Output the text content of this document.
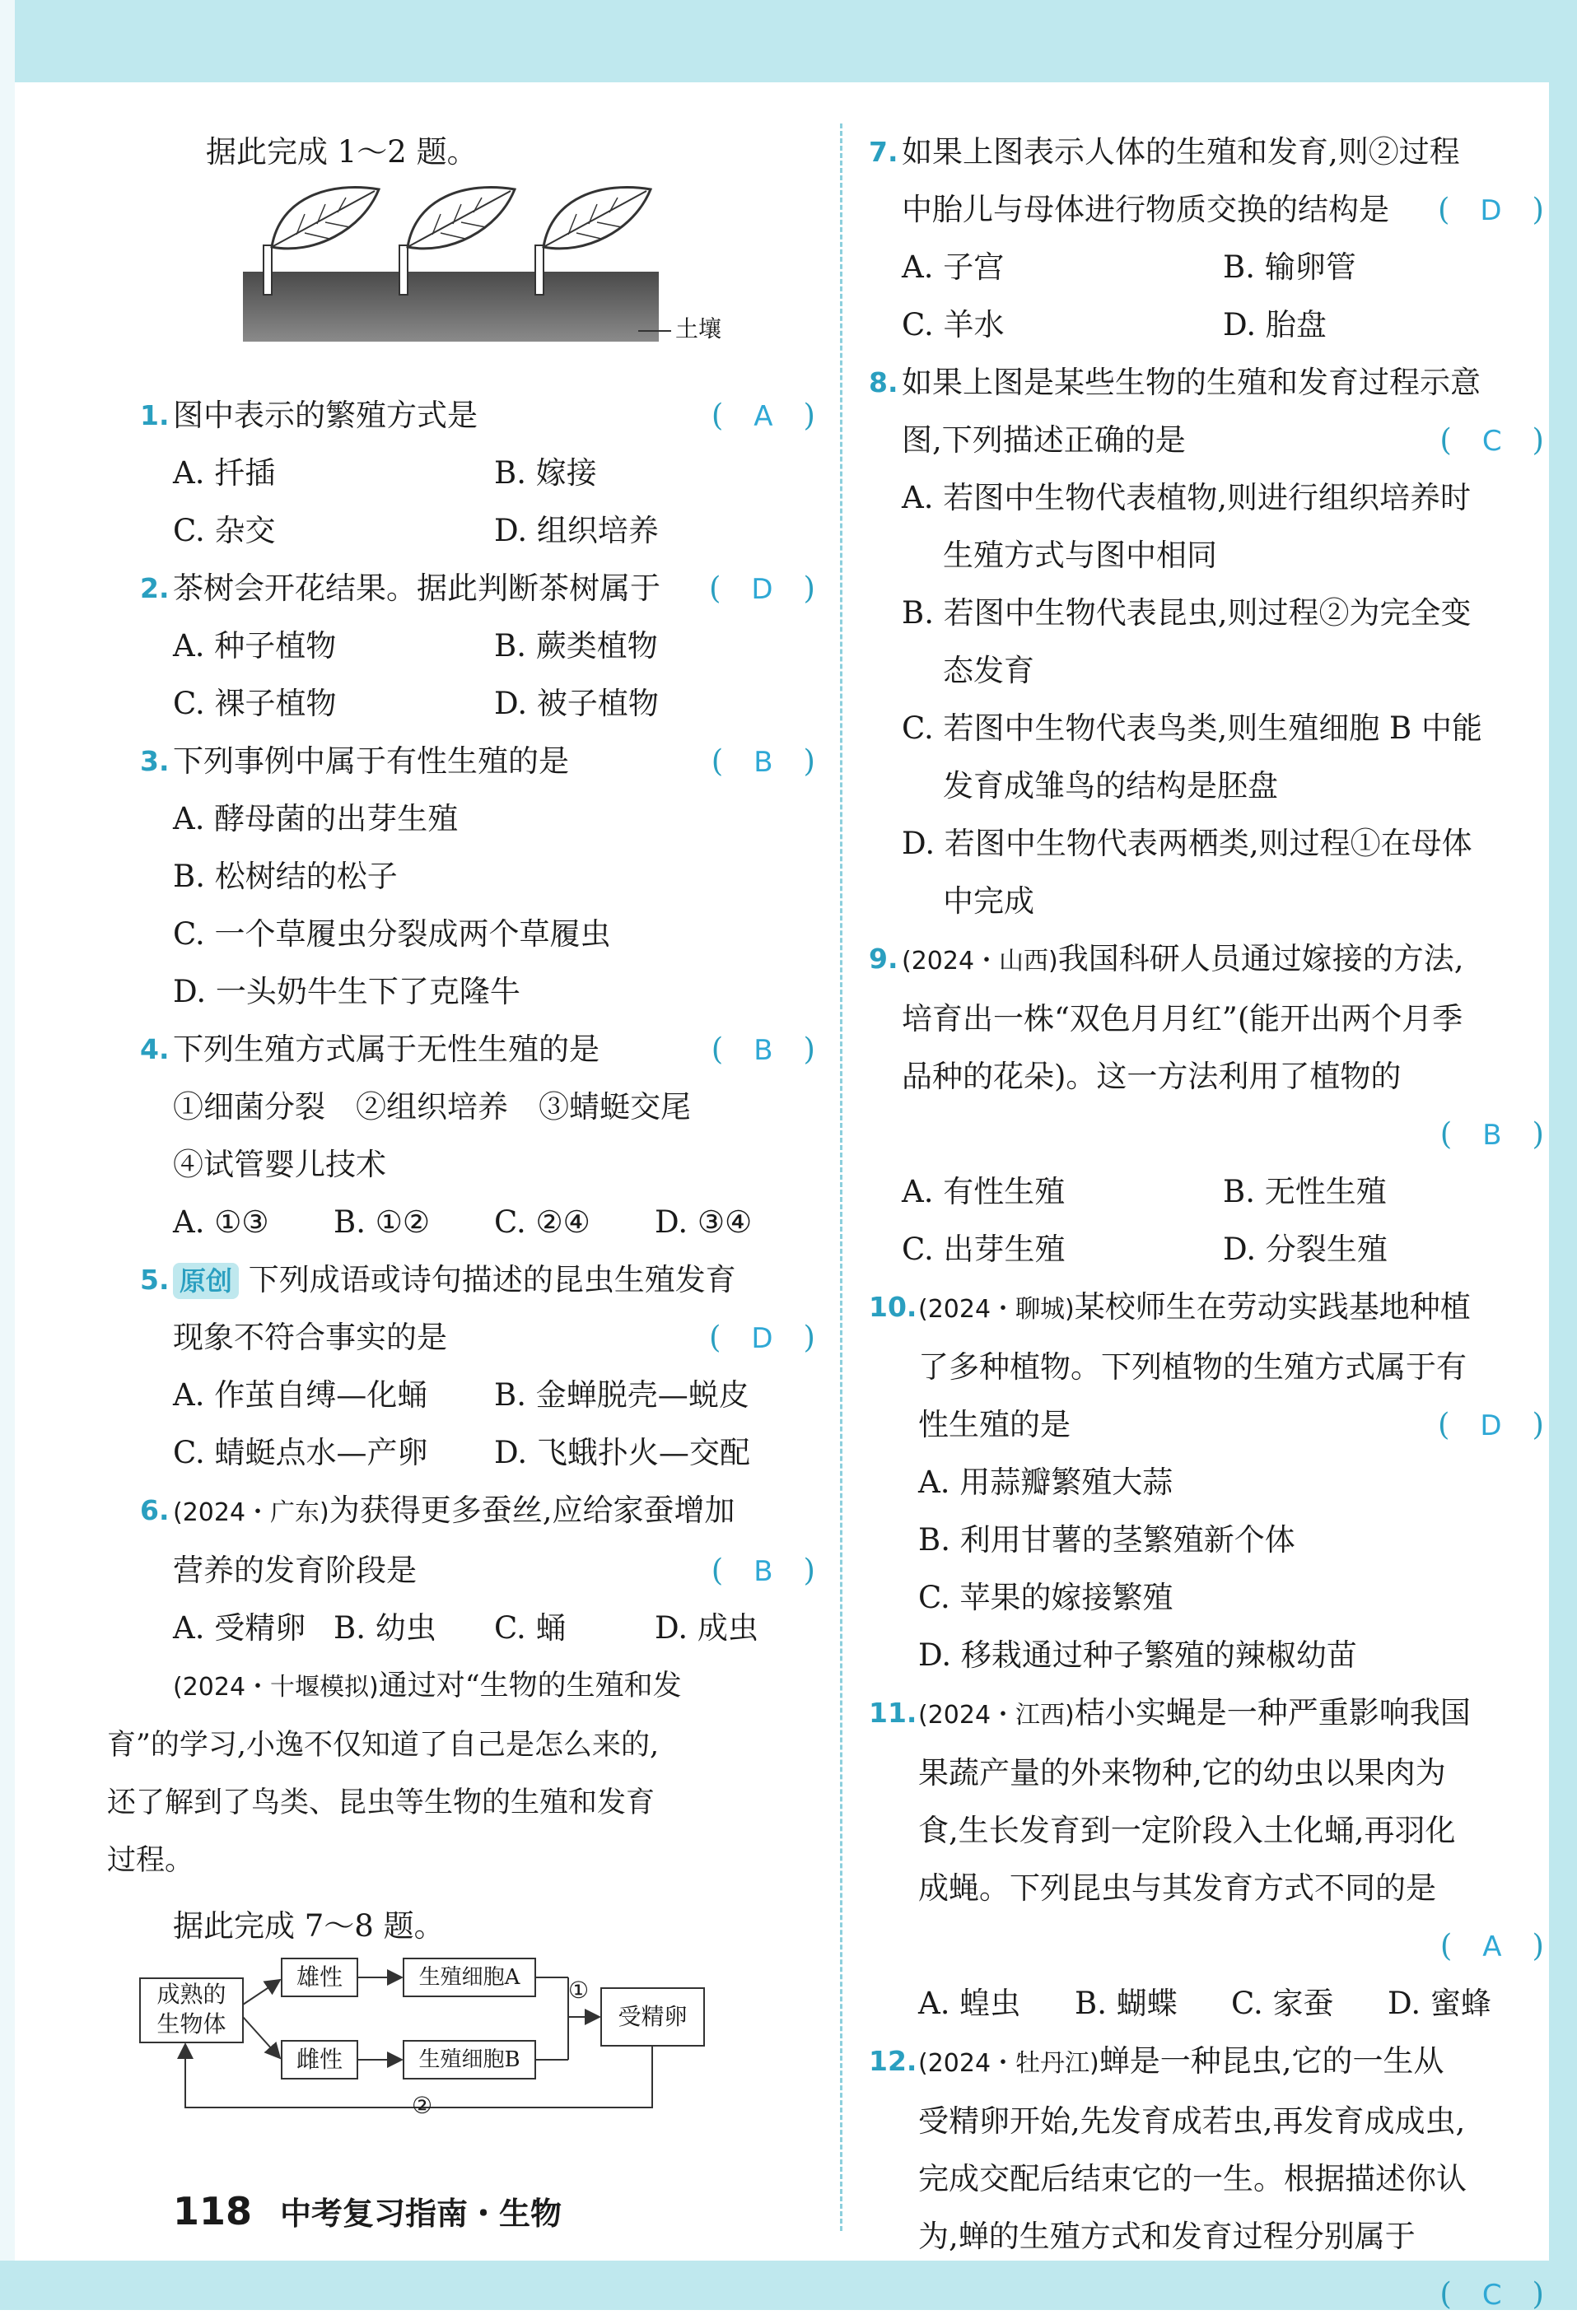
据此完成 1～2 题。
土壤
1. 图中表示的繁殖方式是	(　A　)
A. 扦插	B. 嫁接
C. 杂交	D. 组织培养
2. 茶树会开花结果。据此判断茶树属于 (　D　)
A. 种子植物	B. 蕨类植物
C. 裸子植物	D. 被子植物
3. 下列事例中属于有性生殖的是	(　B　)
A. 酵母菌的出芽生殖
B. 松树结的松子
C. 一个草履虫分裂成两个草履虫
D. 一头奶牛生下了克隆牛
4. 下列生殖方式属于无性生殖的是	(　B　)
①细菌分裂　②组织培养　③蜻蜓交尾
④试管婴儿技术
A. ①③	B. ①②	C. ②④	D. ③④
5. 原创 下列成语或诗句描述的昆虫生殖发育
现象不符合事实的是	(　D　)
A. 作茧自缚—化蛹	B. 金蝉脱壳—蜕皮
C. 蜻蜓点水—产卵	D. 飞蛾扑火—交配
6. (2024・广东)为获得更多蚕丝,应给家蚕增加
营养的发育阶段是	(　B　)
A. 受精卵 B. 幼虫	C. 蛹	D. 成虫
(2024・十堰模拟)通过对“生物的生殖和发
育”的学习,小逸不仅知道了自己是怎么来的,
还了解到了鸟类、昆虫等生物的生殖和发育
过程。
据此完成 7～8 题。
成熟的
生物体
雄性
雌性
生殖细胞A
生殖细胞B
受精卵
①
②
7. 如果上图表示人体的生殖和发育,则②过程
中胎儿与母体进行物质交换的结构是 (　D　)
A. 子宫	B. 输卵管
C. 羊水	D. 胎盘
8. 如果上图是某些生物的生殖和发育过程示意
图,下列描述正确的是	(　C　)
A. 若图中生物代表植物,则进行组织培养时
生殖方式与图中相同
B. 若图中生物代表昆虫,则过程②为完全变
态发育
C. 若图中生物代表鸟类,则生殖细胞 B 中能
发育成雏鸟的结构是胚盘
D. 若图中生物代表两栖类,则过程①在母体
中完成
9. (2024・山西)我国科研人员通过嫁接的方法,
培育出一株“双色月月红”(能开出两个月季
品种的花朵)。这一方法利用了植物的
(　B　)
A. 有性生殖	B. 无性生殖
C. 出芽生殖	D. 分裂生殖
10. (2024・聊城)某校师生在劳动实践基地种植
了多种植物。下列植物的生殖方式属于有
性生殖的是	(　D　)
A. 用蒜瓣繁殖大蒜
B. 利用甘薯的茎繁殖新个体
C. 苹果的嫁接繁殖
D. 移栽通过种子繁殖的辣椒幼苗
11. (2024・江西)桔小实蝇是一种严重影响我国
果蔬产量的外来物种,它的幼虫以果肉为
食,生长发育到一定阶段入土化蛹,再羽化
成蝇。下列昆虫与其发育方式不同的是
(　A　)
A. 蝗虫	B. 蝴蝶	C. 家蚕	D. 蜜蜂
12. (2024・牡丹江)蝉是一种昆虫,它的一生从
受精卵开始,先发育成若虫,再发育成成虫,
完成交配后结束它的一生。根据描述你认
为,蝉的生殖方式和发育过程分别属于
(　C　)
118 中考复习指南・生物
